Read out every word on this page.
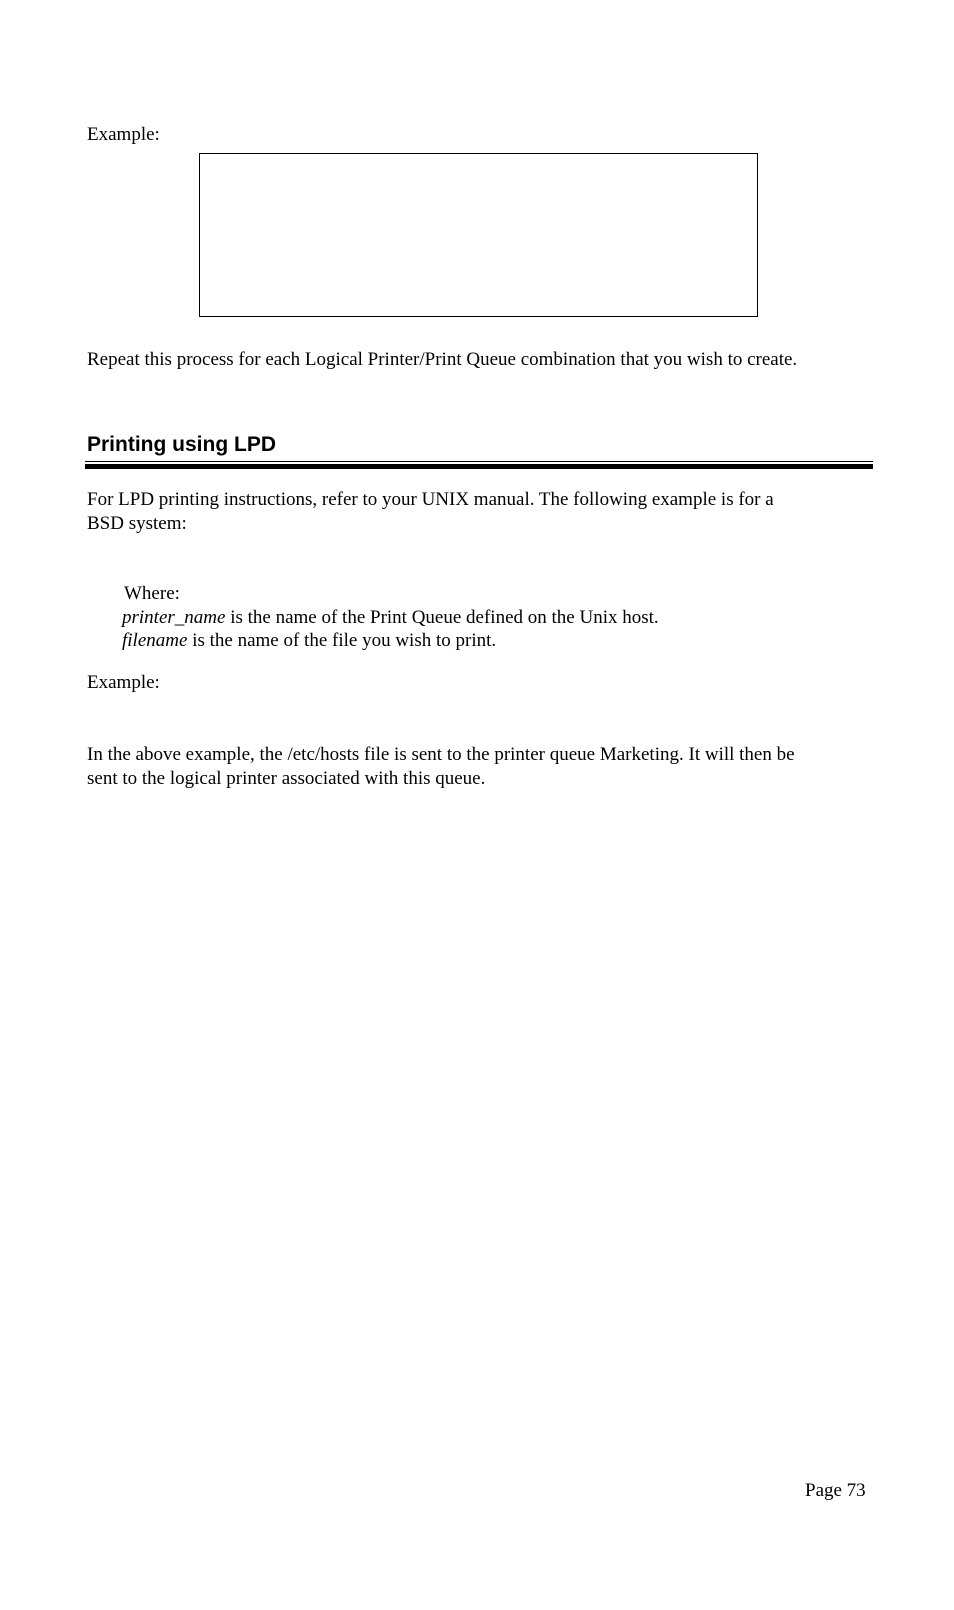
Example:
Repeat this process for each Logical Printer/Print Queue combination that you wish to create.
Printing using LPD
For LPD printing instructions, refer to your UNIX manual. The following example is for a
BSD system:
Where:
printer_name is the name of the Print Queue defined on the Unix host.
filename is the name of the file you wish to print.
Example:
In the above example, the /etc/hosts file is sent to the printer queue Marketing. It will then be
sent to the logical printer associated with this queue.
Page 73
